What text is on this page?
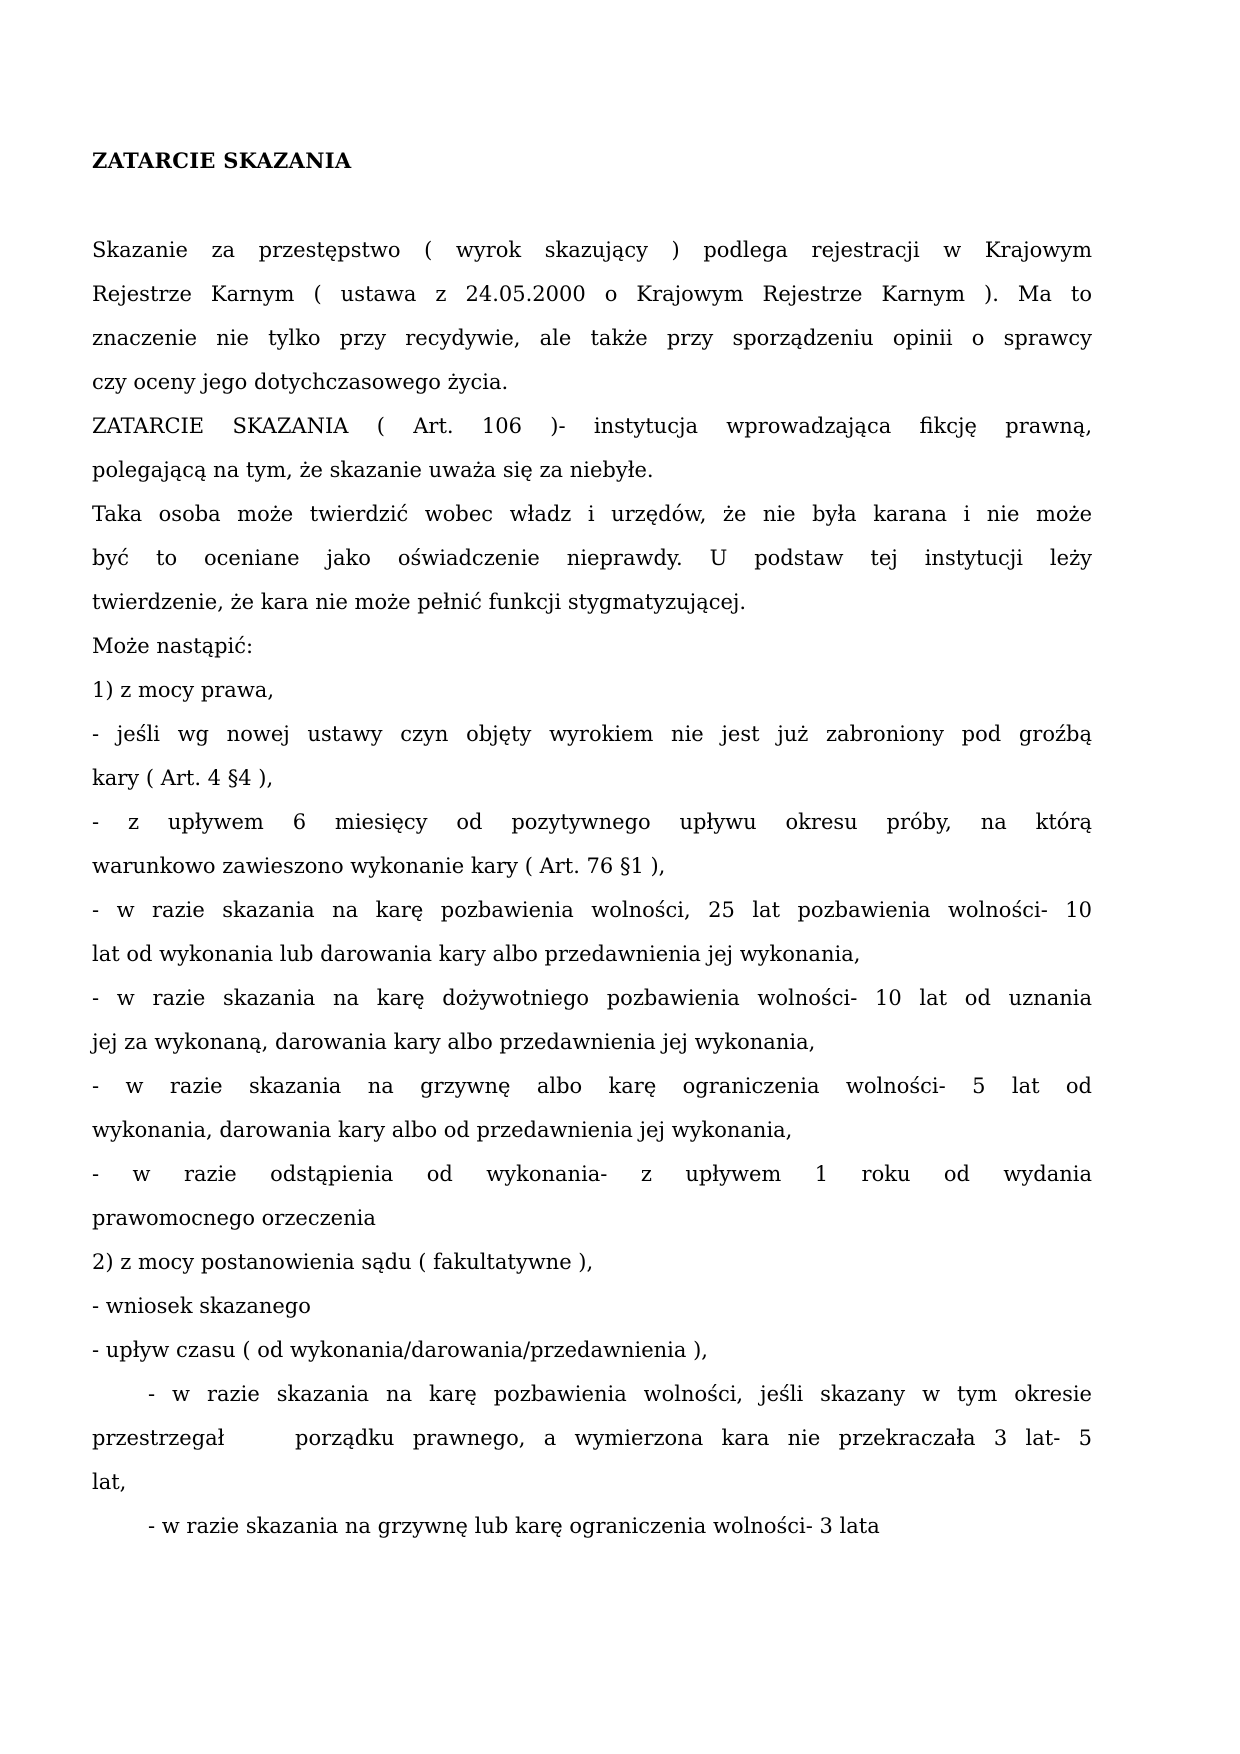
ZATARCIE SKAZANIA
Skazanie za przestępstwo ( wyrok skazujący ) podlega rejestracji w Krajowym
Rejestrze Karnym ( ustawa z 24.05.2000 o Krajowym Rejestrze Karnym ). Ma to
znaczenie nie tylko przy recydywie, ale także przy sporządzeniu opinii o sprawcy
czy oceny jego dotychczasowego życia.
ZATARCIE SKAZANIA ( Art. 106 )- instytucja wprowadzająca fikcję prawną,
polegającą na tym, że skazanie uważa się za niebyłe.
Taka osoba może twierdzić wobec władz i urzędów, że nie była karana i nie może
być to oceniane jako oświadczenie nieprawdy. U podstaw tej instytucji leży
twierdzenie, że kara nie może pełnić funkcji stygmatyzującej.
Może nastąpić:
1) z mocy prawa,
- jeśli wg nowej ustawy czyn objęty wyrokiem nie jest już zabroniony pod groźbą
kary ( Art. 4 §4 ),
- z upływem 6 miesięcy od pozytywnego upływu okresu próby, na którą
warunkowo zawieszono wykonanie kary ( Art. 76 §1 ),
- w razie skazania na karę pozbawienia wolności, 25 lat pozbawienia wolności- 10
lat od wykonania lub darowania kary albo przedawnienia jej wykonania,
- w razie skazania na karę dożywotniego pozbawienia wolności- 10 lat od uznania
jej za wykonaną, darowania kary albo przedawnienia jej wykonania,
- w razie skazania na grzywnę albo karę ograniczenia wolności- 5 lat od
wykonania, darowania kary albo od przedawnienia jej wykonania,
- w razie odstąpienia od wykonania- z upływem 1 roku od wydania
prawomocnego orzeczenia
2) z mocy postanowienia sądu ( fakultatywne ),
- wniosek skazanego
- upływ czasu ( od wykonania/darowania/przedawnienia ),
- w razie skazania na karę pozbawienia wolności, jeśli skazany w tym okresie
przestrzegał	porządku prawnego, a wymierzona kara nie przekraczała 3 lat- 5
lat,
- w razie skazania na grzywnę lub karę ograniczenia wolności- 3 lata
